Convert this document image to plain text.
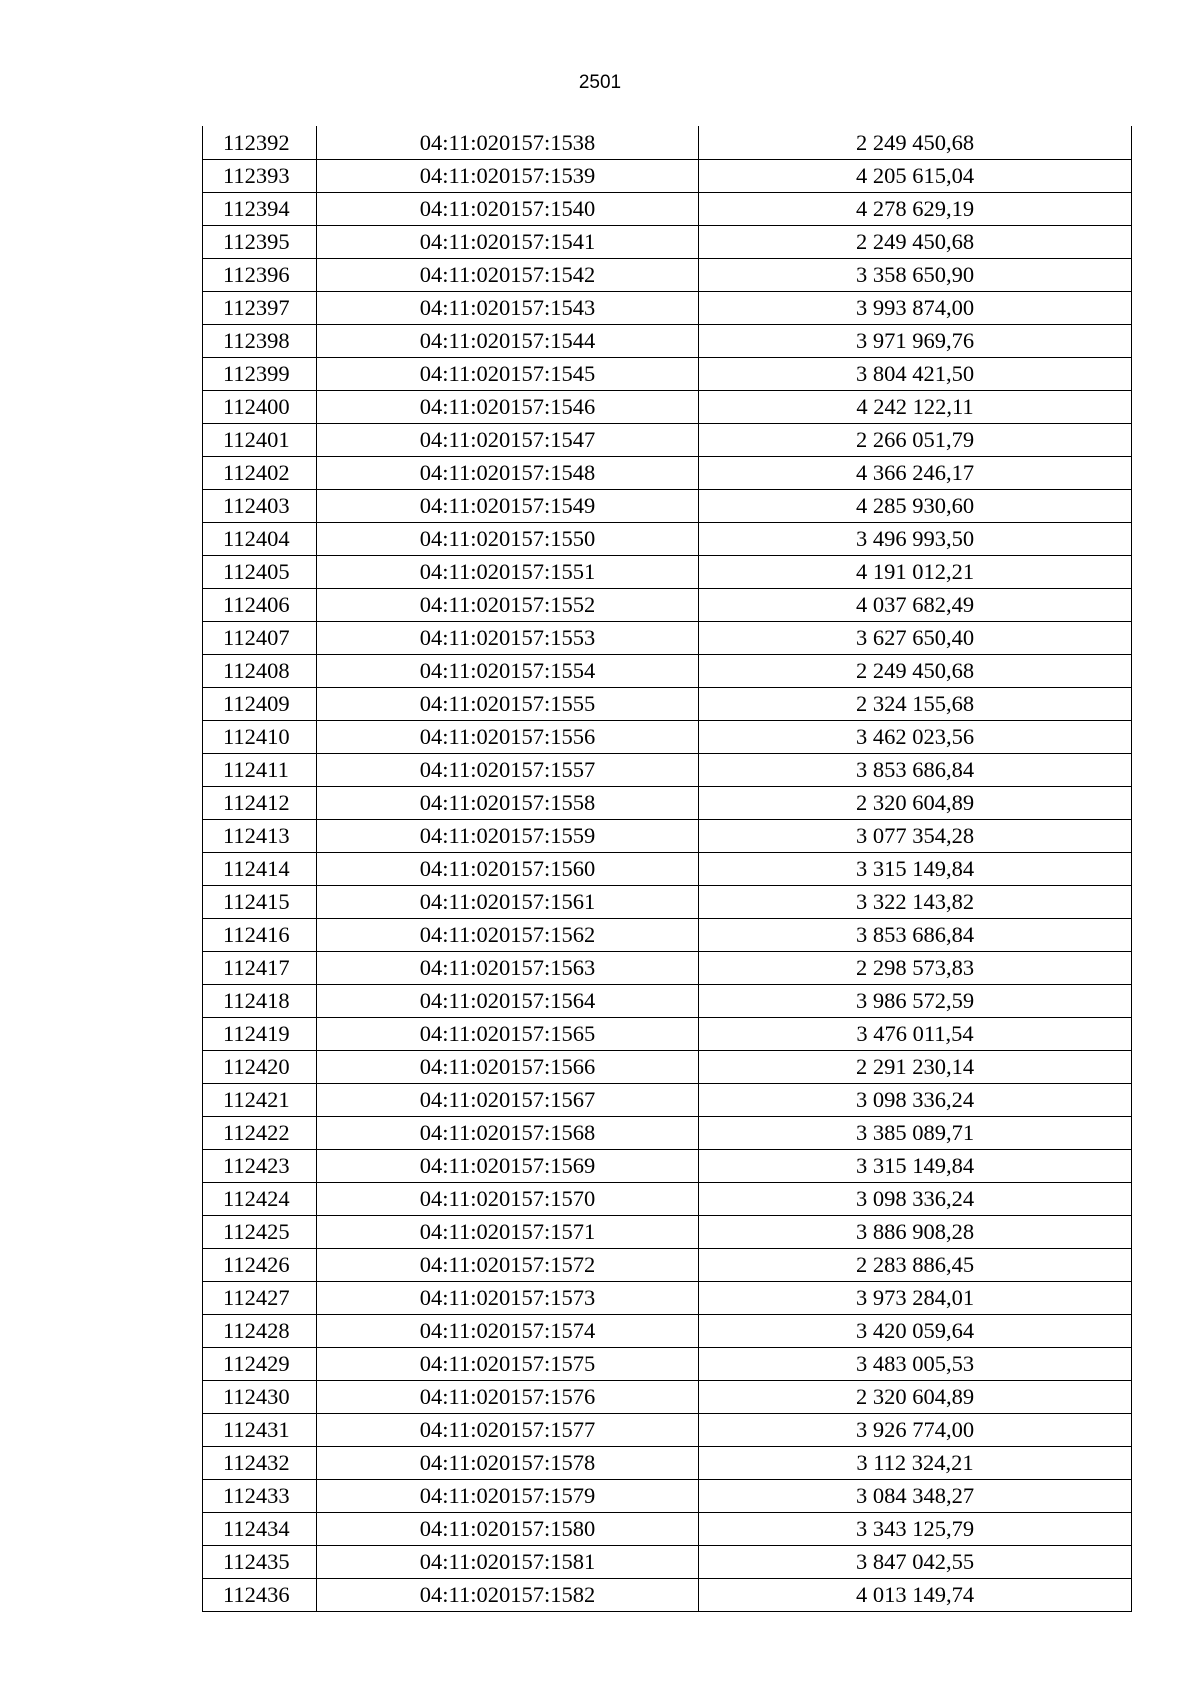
2501
112392	04:11:020157:1538	2 249 450,68
112393	04:11:020157:1539	4 205 615,04
112394	04:11:020157:1540	4 278 629,19
112395	04:11:020157:1541	2 249 450,68
112396	04:11:020157:1542	3 358 650,90
112397	04:11:020157:1543	3 993 874,00
112398	04:11:020157:1544	3 971 969,76
112399	04:11:020157:1545	3 804 421,50
112400	04:11:020157:1546	4 242 122,11
112401	04:11:020157:1547	2 266 051,79
112402	04:11:020157:1548	4 366 246,17
112403	04:11:020157:1549	4 285 930,60
112404	04:11:020157:1550	3 496 993,50
112405	04:11:020157:1551	4 191 012,21
112406	04:11:020157:1552	4 037 682,49
112407	04:11:020157:1553	3 627 650,40
112408	04:11:020157:1554	2 249 450,68
112409	04:11:020157:1555	2 324 155,68
112410	04:11:020157:1556	3 462 023,56
112411	04:11:020157:1557	3 853 686,84
112412	04:11:020157:1558	2 320 604,89
112413	04:11:020157:1559	3 077 354,28
112414	04:11:020157:1560	3 315 149,84
112415	04:11:020157:1561	3 322 143,82
112416	04:11:020157:1562	3 853 686,84
112417	04:11:020157:1563	2 298 573,83
112418	04:11:020157:1564	3 986 572,59
112419	04:11:020157:1565	3 476 011,54
112420	04:11:020157:1566	2 291 230,14
112421	04:11:020157:1567	3 098 336,24
112422	04:11:020157:1568	3 385 089,71
112423	04:11:020157:1569	3 315 149,84
112424	04:11:020157:1570	3 098 336,24
112425	04:11:020157:1571	3 886 908,28
112426	04:11:020157:1572	2 283 886,45
112427	04:11:020157:1573	3 973 284,01
112428	04:11:020157:1574	3 420 059,64
112429	04:11:020157:1575	3 483 005,53
112430	04:11:020157:1576	2 320 604,89
112431	04:11:020157:1577	3 926 774,00
112432	04:11:020157:1578	3 112 324,21
112433	04:11:020157:1579	3 084 348,27
112434	04:11:020157:1580	3 343 125,79
112435	04:11:020157:1581	3 847 042,55
112436	04:11:020157:1582	4 013 149,74
